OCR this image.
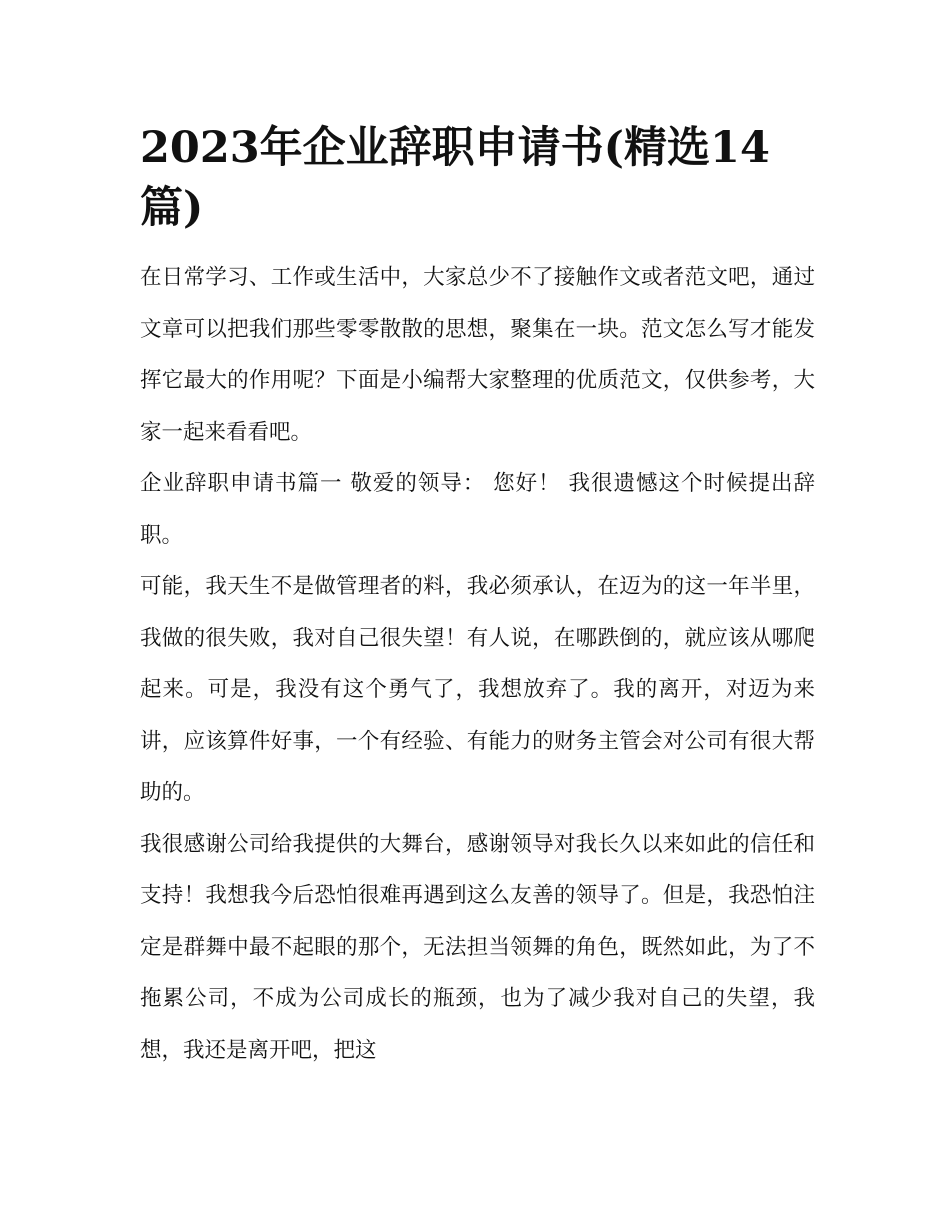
2023年企业辞职申请书(精选14篇)

在日常学习、工作或生活中，大家总少不了接触作文或者范文吧，通过文章可以把我们那些零零散散的思想，聚集在一块。范文怎么写才能发挥它最大的作用呢？下面是小编帮大家整理的优质范文，仅供参考，大家一起来看看吧。

企业辞职申请书篇一 敬爱的领导： 您好！ 我很遗憾这个时候提出辞职。

可能，我天生不是做管理者的料，我必须承认，在迈为的这一年半里，我做的很失败，我对自己很失望！有人说，在哪跌倒的，就应该从哪爬起来。可是，我没有这个勇气了，我想放弃了。我的离开，对迈为来讲，应该算件好事，一个有经验、有能力的财务主管会对公司有很大帮助的。

我很感谢公司给我提供的大舞台，感谢领导对我长久以来如此的信任和支持！我想我今后恐怕很难再遇到这么友善的领导了。但是，我恐怕注定是群舞中最不起眼的那个，无法担当领舞的角色，既然如此，为了不拖累公司，不成为公司成长的瓶颈，也为了减少我对自己的失望，我想，我还是离开吧，把这
